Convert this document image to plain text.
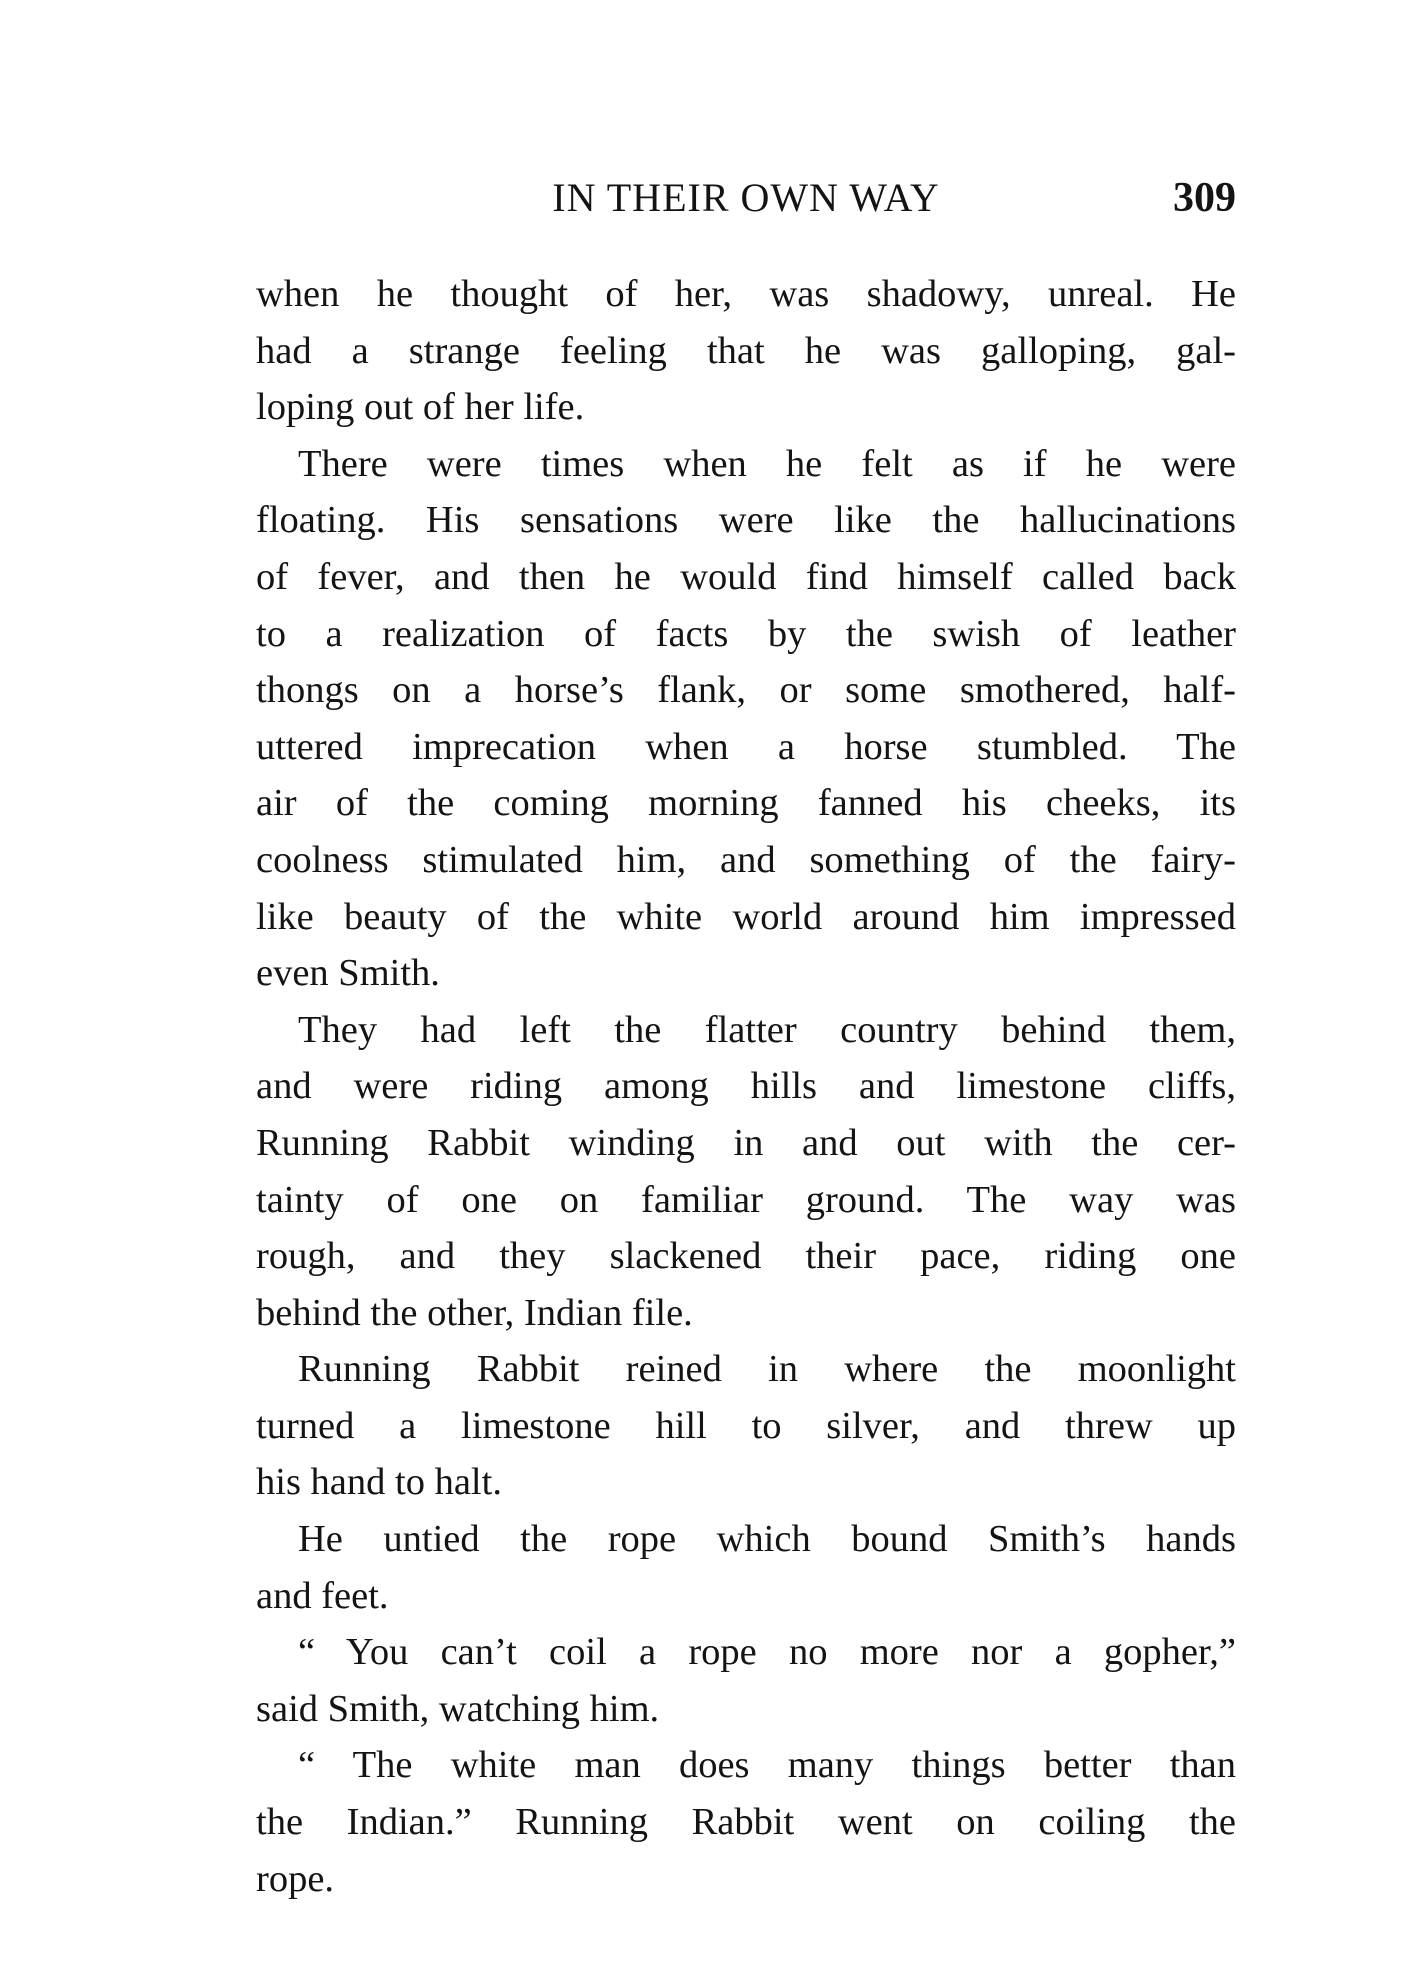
IN THEIR OWN WAY	309
when he thought of her, was shadowy, unreal. He
had a strange feeling that he was galloping, gal-
loping out of her life.
There were times when he felt as if he were
floating. His sensations were like the hallucinations
of fever, and then he would find himself called back
to a realization of facts by the swish of leather
thongs on a horse’s flank, or some smothered, half-
uttered imprecation when a horse stumbled. The
air of the coming morning fanned his cheeks, its
coolness stimulated him, and something of the fairy-
like beauty of the white world around him impressed
even Smith.
They had left the flatter country behind them,
and were riding among hills and limestone cliffs,
Running Rabbit winding in and out with the cer-
tainty of one on familiar ground. The way was
rough, and they slackened their pace, riding one
behind the other, Indian file.
Running Rabbit reined in where the moonlight
turned a limestone hill to silver, and threw up
his hand to halt.
He untied the rope which bound Smith’s hands
and feet.
“ You can’t coil a rope no more nor a gopher,”
said Smith, watching him.
“ The white man does many things better than
the Indian.” Running Rabbit went on coiling the
rope.
